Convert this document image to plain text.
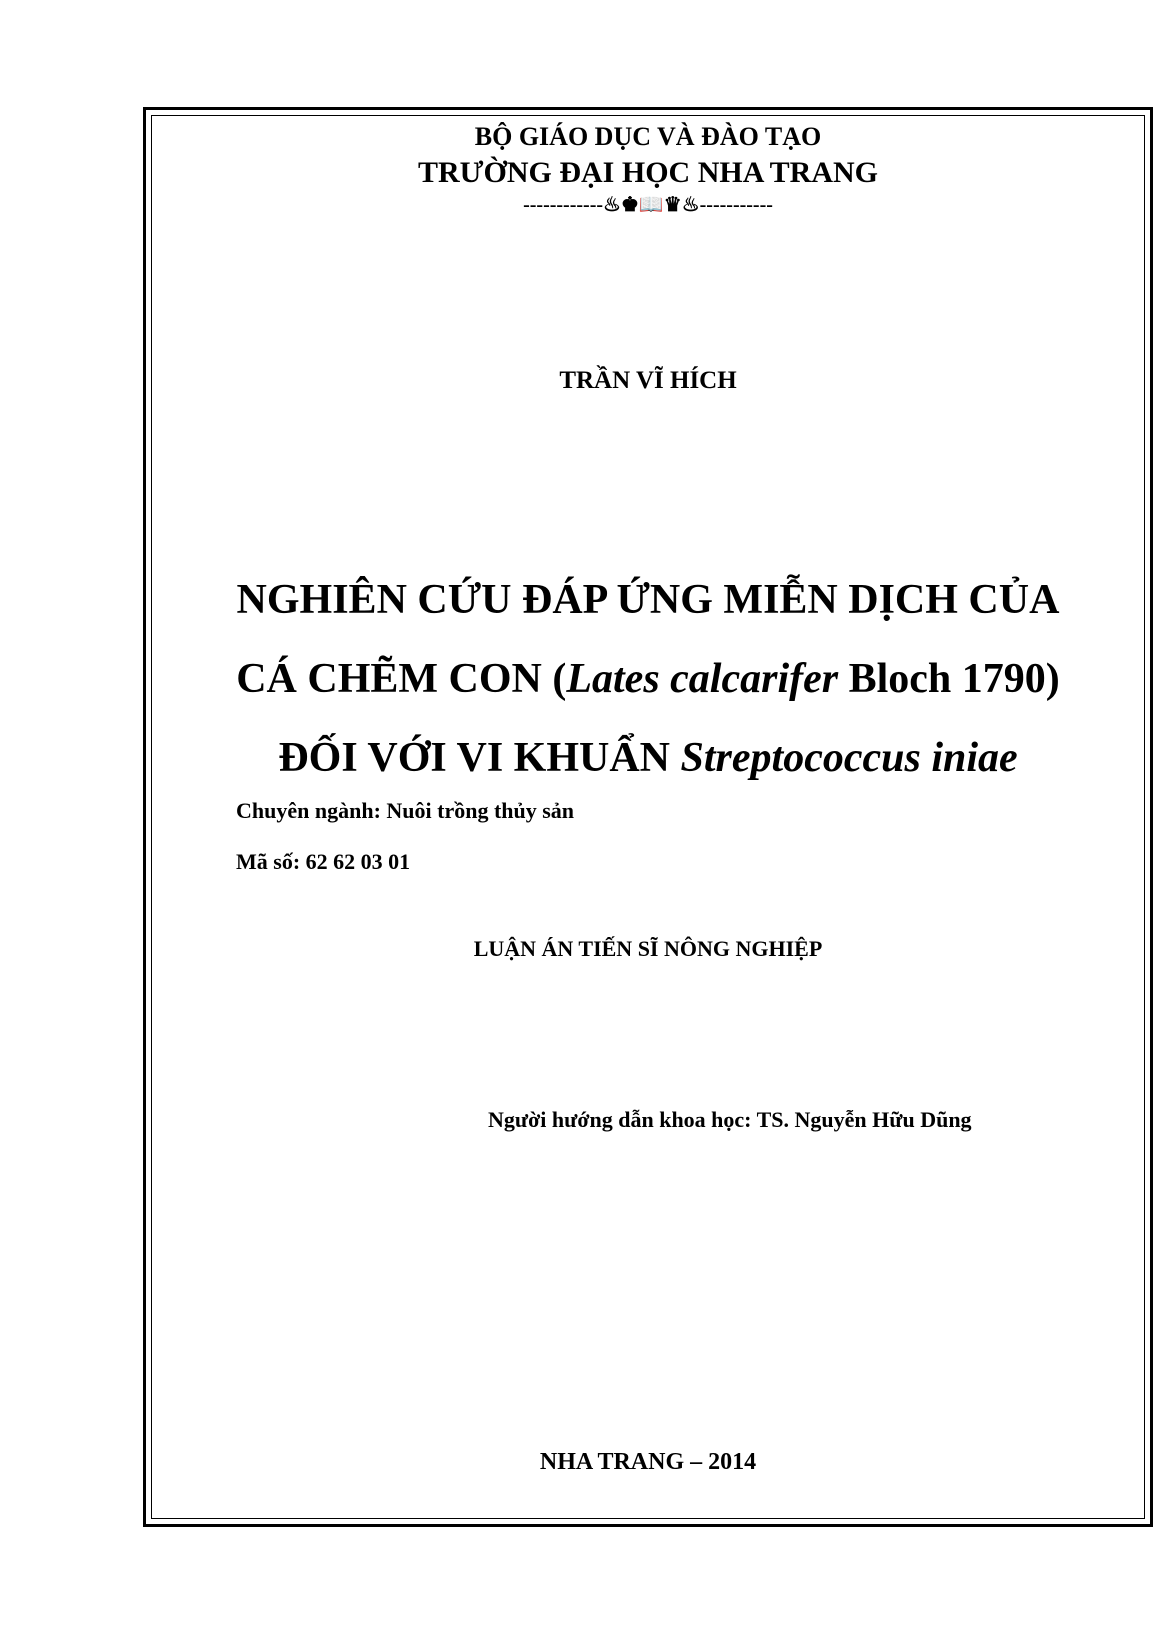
BỘ GIÁO DỤC VÀ ĐÀO TẠO
TRƯỜNG ĐẠI HỌC NHA TRANG
------------♨♚📖♛♨-----------
TRẦN VĨ HÍCH
NGHIÊN CỨU ĐÁP ỨNG MIỄN DỊCH CỦA
CÁ CHẼM CON (Lates calcarifer Bloch 1790)
ĐỐI VỚI VI KHUẨN Streptococcus iniae
Chuyên ngành: Nuôi trồng thủy sản
Mã số: 62 62 03 01
LUẬN ÁN TIẾN SĨ NÔNG NGHIỆP
Người hướng dẫn khoa học: TS. Nguyễn Hữu Dũng
NHA TRANG – 2014
